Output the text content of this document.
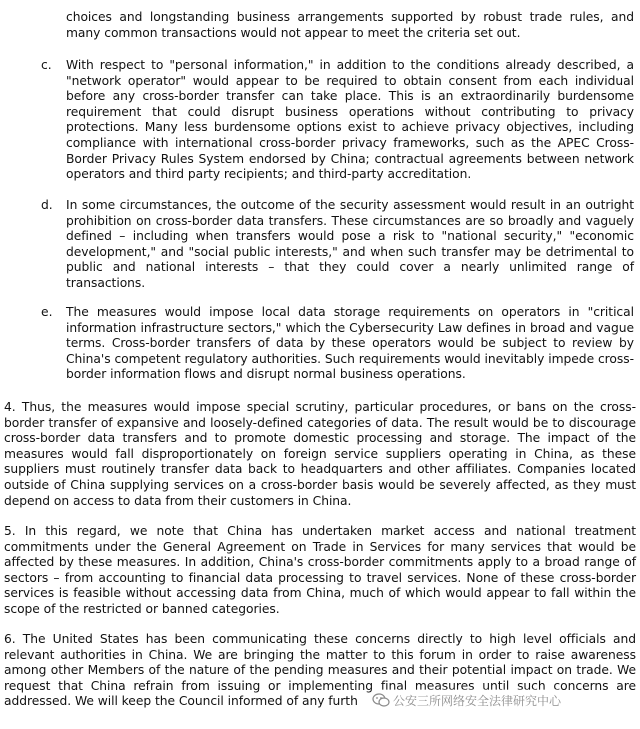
choices and longstanding business arrangements supported by robust trade rules, and many common transactions would not appear to meet the criteria set out.

c. With respect to "personal information," in addition to the conditions already described, a "network operator" would appear to be required to obtain consent from each individual before any cross-border transfer can take place. This is an extraordinarily burdensome requirement that could disrupt business operations without contributing to privacy protections. Many less burdensome options exist to achieve privacy objectives, including compliance with international cross-border privacy frameworks, such as the APEC Cross-Border Privacy Rules System endorsed by China; contractual agreements between network operators and third party recipients; and third-party accreditation.

d. In some circumstances, the outcome of the security assessment would result in an outright prohibition on cross-border data transfers. These circumstances are so broadly and vaguely defined – including when transfers would pose a risk to "national security," "economic development," and "social public interests," and when such transfer may be detrimental to public and national interests – that they could cover a nearly unlimited range of transactions.

e. The measures would impose local data storage requirements on operators in "critical information infrastructure sectors," which the Cybersecurity Law defines in broad and vague terms. Cross-border transfers of data by these operators would be subject to review by China's competent regulatory authorities. Such requirements would inevitably impede cross-border information flows and disrupt normal business operations.

4. Thus, the measures would impose special scrutiny, particular procedures, or bans on the cross-border transfer of expansive and loosely-defined categories of data. The result would be to discourage cross-border data transfers and to promote domestic processing and storage. The impact of the measures would fall disproportionately on foreign service suppliers operating in China, as these suppliers must routinely transfer data back to headquarters and other affiliates. Companies located outside of China supplying services on a cross-border basis would be severely affected, as they must depend on access to data from their customers in China.

5. In this regard, we note that China has undertaken market access and national treatment commitments under the General Agreement on Trade in Services for many services that would be affected by these measures. In addition, China's cross-border commitments apply to a broad range of sectors – from accounting to financial data processing to travel services. None of these cross-border services is feasible without accessing data from China, much of which would appear to fall within the scope of the restricted or banned categories.

6. The United States has been communicating these concerns directly to high level officials and relevant authorities in China. We are bringing the matter to this forum in order to raise awareness among other Members of the nature of the pending measures and their potential impact on trade. We request that China refrain from issuing or implementing final measures until such concerns are addressed. We will keep the Council informed of any furth	公安三所网络安全法律研究中心
